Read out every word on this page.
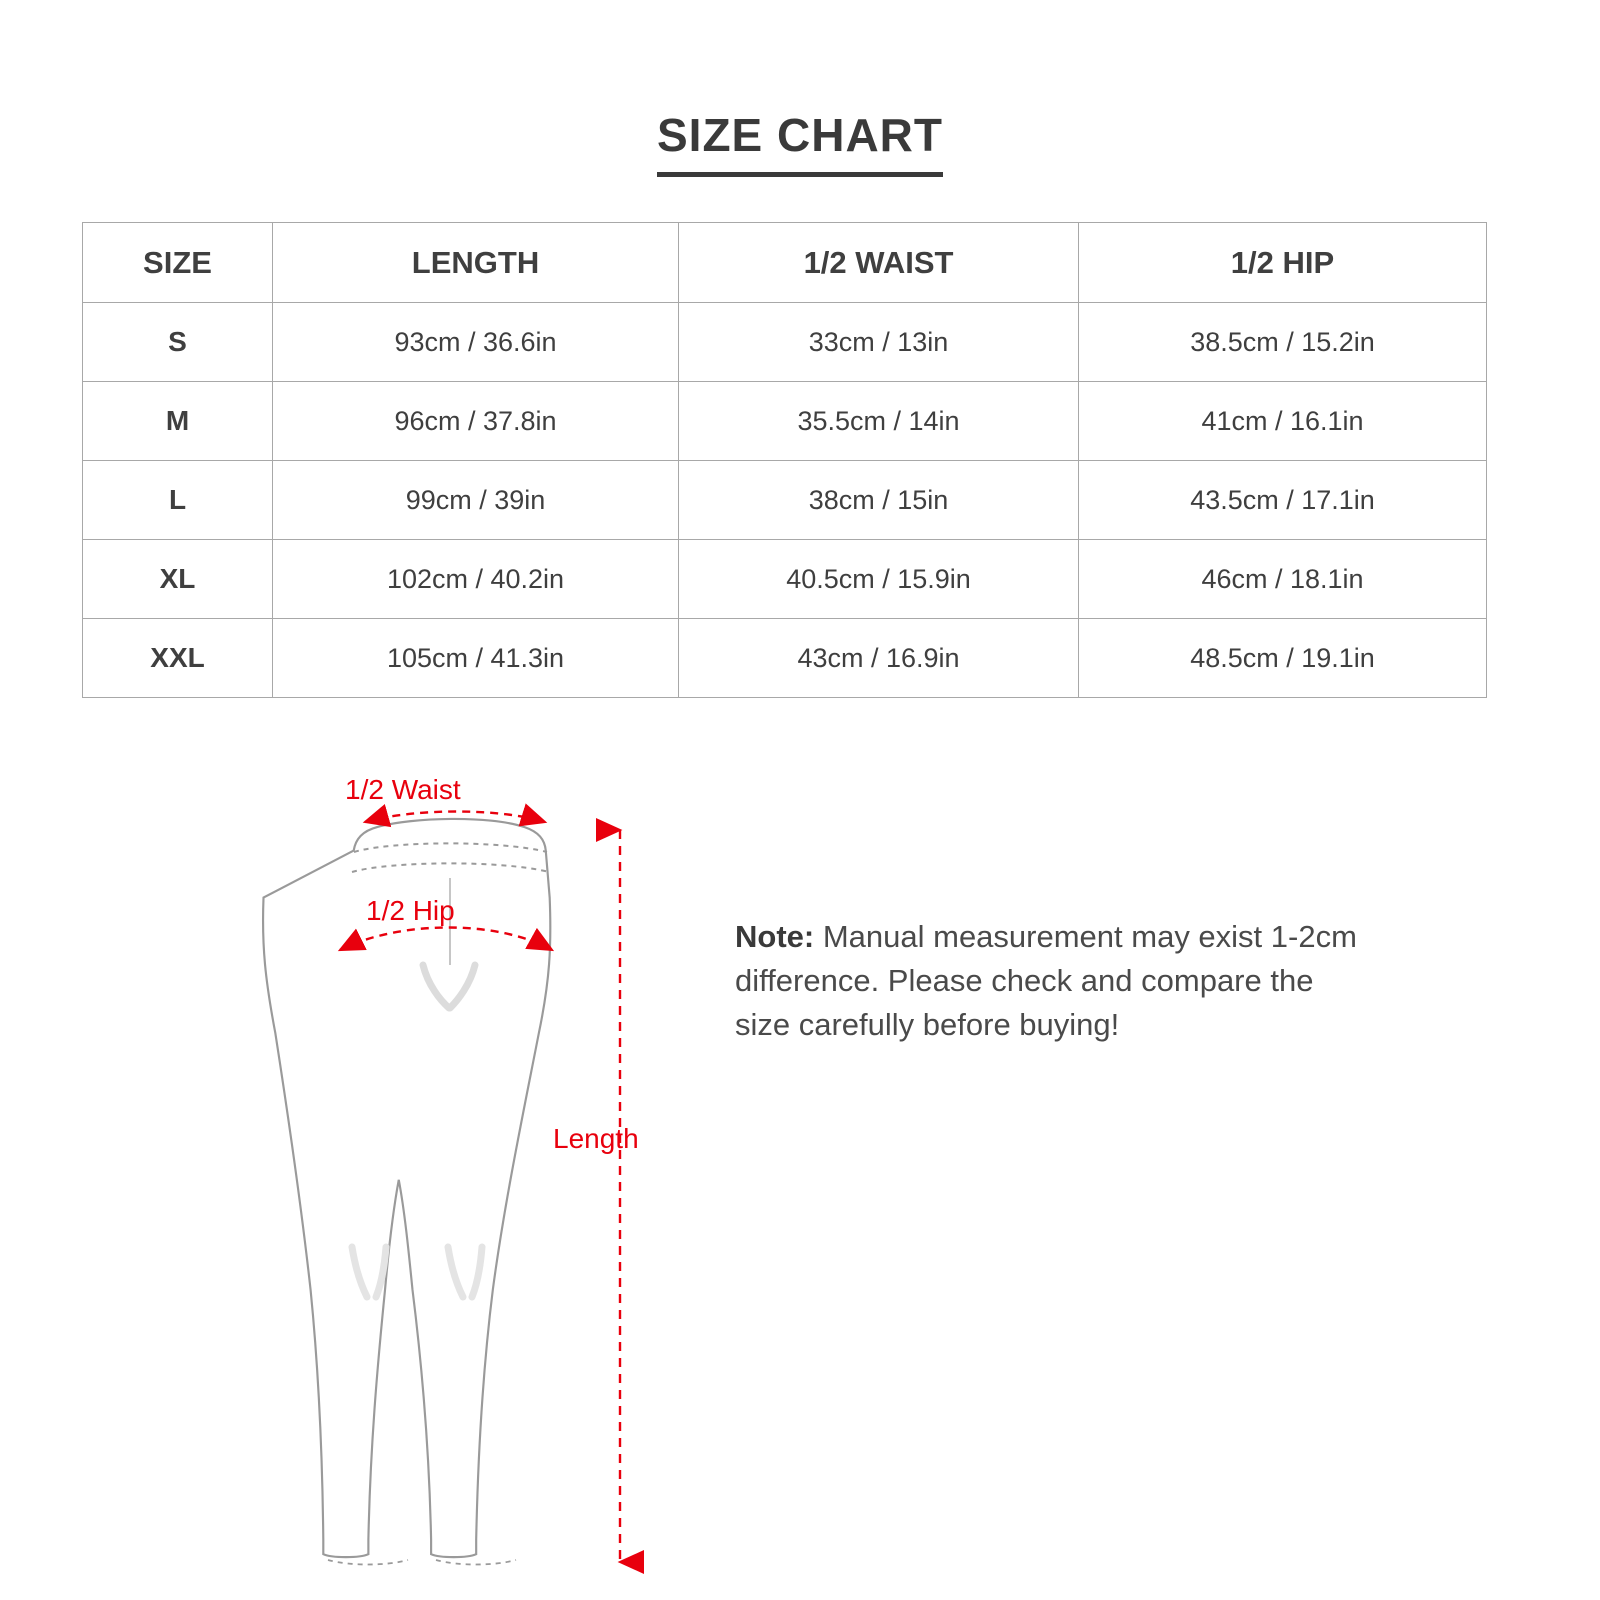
SIZE CHART
SIZE	LENGTH	1/2 WAIST	1/2 HIP
S	93cm / 36.6in	33cm / 13in	38.5cm / 15.2in
M	96cm / 37.8in	35.5cm / 14in	41cm / 16.1in
L	99cm / 39in	38cm / 15in	43.5cm / 17.1in
XL	102cm / 40.2in	40.5cm / 15.9in	46cm / 18.1in
XXL	105cm / 41.3in	43cm / 16.9in	48.5cm / 19.1in
1/2 Waist
1/2 Hip
Length
Note: Manual measurement may exist 1-2cm difference. Please check and compare the size carefully before buying!
